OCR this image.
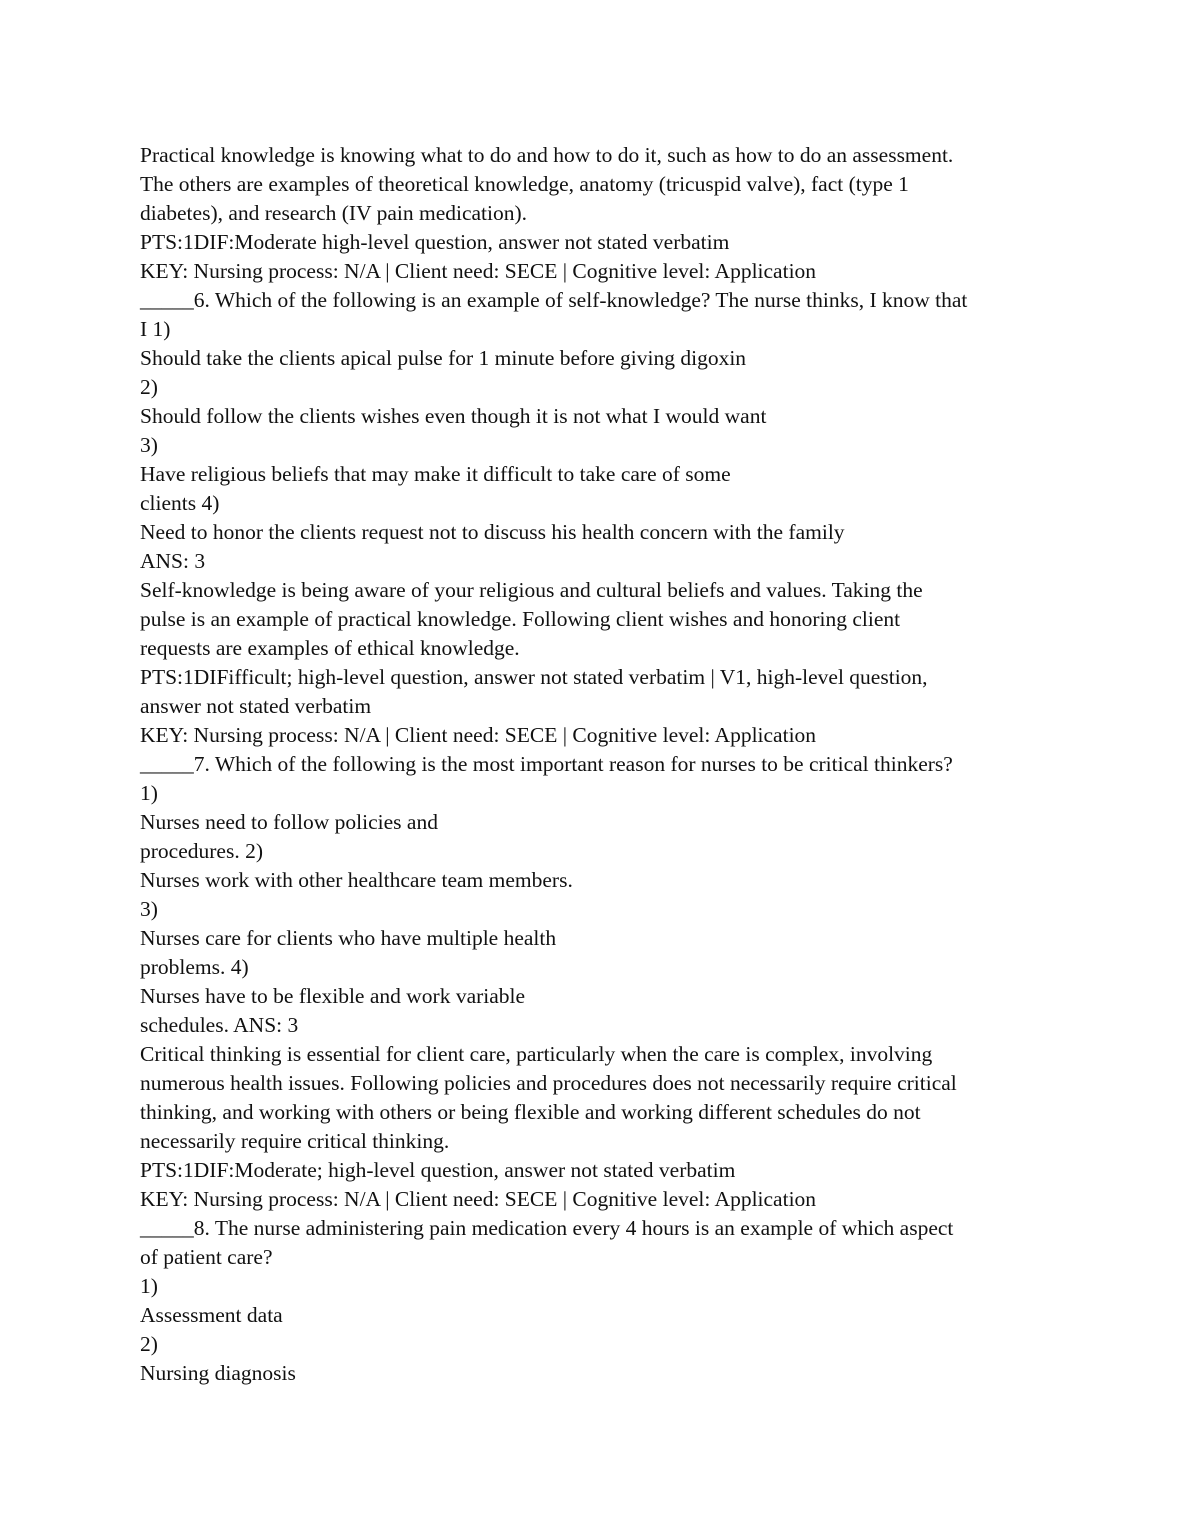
Practical knowledge is knowing what to do and how to do it, such as how to do an assessment.
The others are examples of theoretical knowledge, anatomy (tricuspid valve), fact (type 1
diabetes), and research (IV pain medication).
PTS:1DIF:Moderate high-level question, answer not stated verbatim
KEY: Nursing process: N/A | Client need: SECE | Cognitive level: Application
_____6. Which of the following is an example of self-knowledge? The nurse thinks, I know that
I 1)
Should take the clients apical pulse for 1 minute before giving digoxin
2)
Should follow the clients wishes even though it is not what I would want
3)
Have religious beliefs that may make it difficult to take care of some
clients 4)
Need to honor the clients request not to discuss his health concern with the family
ANS: 3
Self-knowledge is being aware of your religious and cultural beliefs and values. Taking the
pulse is an example of practical knowledge. Following client wishes and honoring client
requests are examples of ethical knowledge.
PTS:1DIFifficult; high-level question, answer not stated verbatim | V1, high-level question,
answer not stated verbatim
KEY: Nursing process: N/A | Client need: SECE | Cognitive level: Application
_____7. Which of the following is the most important reason for nurses to be critical thinkers?
1)
Nurses need to follow policies and
procedures. 2)
Nurses work with other healthcare team members.
3)
Nurses care for clients who have multiple health
problems. 4)
Nurses have to be flexible and work variable
schedules. ANS: 3
Critical thinking is essential for client care, particularly when the care is complex, involving
numerous health issues. Following policies and procedures does not necessarily require critical
thinking, and working with others or being flexible and working different schedules do not
necessarily require critical thinking.
PTS:1DIF:Moderate; high-level question, answer not stated verbatim
KEY: Nursing process: N/A | Client need: SECE | Cognitive level: Application
_____8. The nurse administering pain medication every 4 hours is an example of which aspect
of patient care?
1)
Assessment data
2)
Nursing diagnosis
